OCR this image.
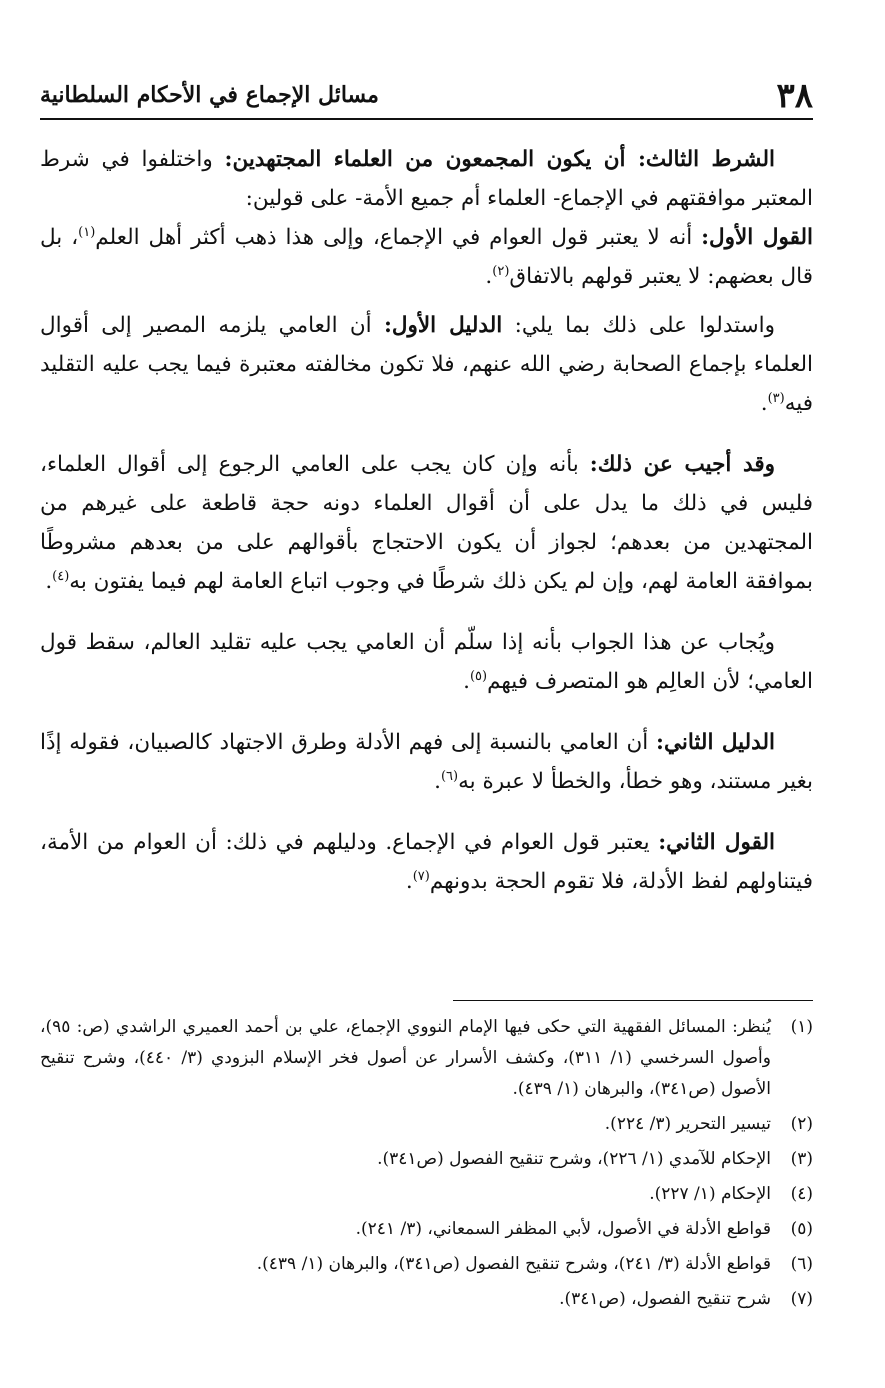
٣٨
مسائل الإجماع في الأحكام السلطانية

الشرط الثالث: أن يكون المجمعون من العلماء المجتهدين: واختلفوا في شرط المعتبر موافقتهم في الإجماع- العلماء أم جميع الأمة- على قولين:
القول الأول: أنه لا يعتبر قول العوام في الإجماع، وإلى هذا ذهب أكثر أهل العلم$^{(١)}$، بل قال بعضهم: لا يعتبر قولهم بالاتفاق$^{(٢)}$.

واستدلوا على ذلك بما يلي: الدليل الأول: أن العامي يلزمه المصير إلى أقوال العلماء بإجماع الصحابة رضي الله عنهم، فلا تكون مخالفته معتبرة فيما يجب عليه التقليد فيه$^{(٣)}$.

وقد أجيب عن ذلك: بأنه وإن كان يجب على العامي الرجوع إلى أقوال العلماء، فليس في ذلك ما يدل على أن أقوال العلماء دونه حجة قاطعة على غيرهم من المجتهدين من بعدهم؛ لجواز أن يكون الاحتجاج بأقوالهم على من بعدهم مشروطًا بموافقة العامة لهم، وإن لم يكن ذلك شرطًا في وجوب اتباع العامة لهم فيما يفتون به$^{(٤)}$.

ويُجاب عن هذا الجواب بأنه إذا سلّم أن العامي يجب عليه تقليد العالم، سقط قول العامي؛ لأن العالِم هو المتصرف فيهم$^{(٥)}$.

الدليل الثاني: أن العامي بالنسبة إلى فهم الأدلة وطرق الاجتهاد كالصبيان، فقوله إذًا بغير مستند، وهو خطأ، والخطأ لا عبرة به$^{(٦)}$.

القول الثاني: يعتبر قول العوام في الإجماع. ودليلهم في ذلك: أن العوام من الأمة، فيتناولهم لفظ الأدلة، فلا تقوم الحجة بدونهم$^{(٧)}$.

(١)
يُنظر: المسائل الفقهية التي حكى فيها الإمام النووي الإجماع، علي بن أحمد العميري الراشدي (ص: ٩٥)، وأصول السرخسي (١/ ٣١١)، وكشف الأسرار عن أصول فخر الإسلام البزودي (٣/ ٤٤٠)، وشرح تنقيح الأصول (ص٣٤١)، والبرهان (١/ ٤٣٩).

(٢)
تيسير التحرير (٣/ ٢٢٤).

(٣)
الإحكام للآمدي (١/ ٢٢٦)، وشرح تنقيح الفصول (ص٣٤١).

(٤)
الإحكام (١/ ٢٢٧).

(٥)
قواطع الأدلة في الأصول، لأبي المظفر السمعاني، (٣/ ٢٤١).

(٦)
قواطع الأدلة (٣/ ٢٤١)، وشرح تنقيح الفصول (ص٣٤١)، والبرهان (١/ ٤٣٩).

(٧)
شرح تنقيح الفصول، (ص٣٤١).
